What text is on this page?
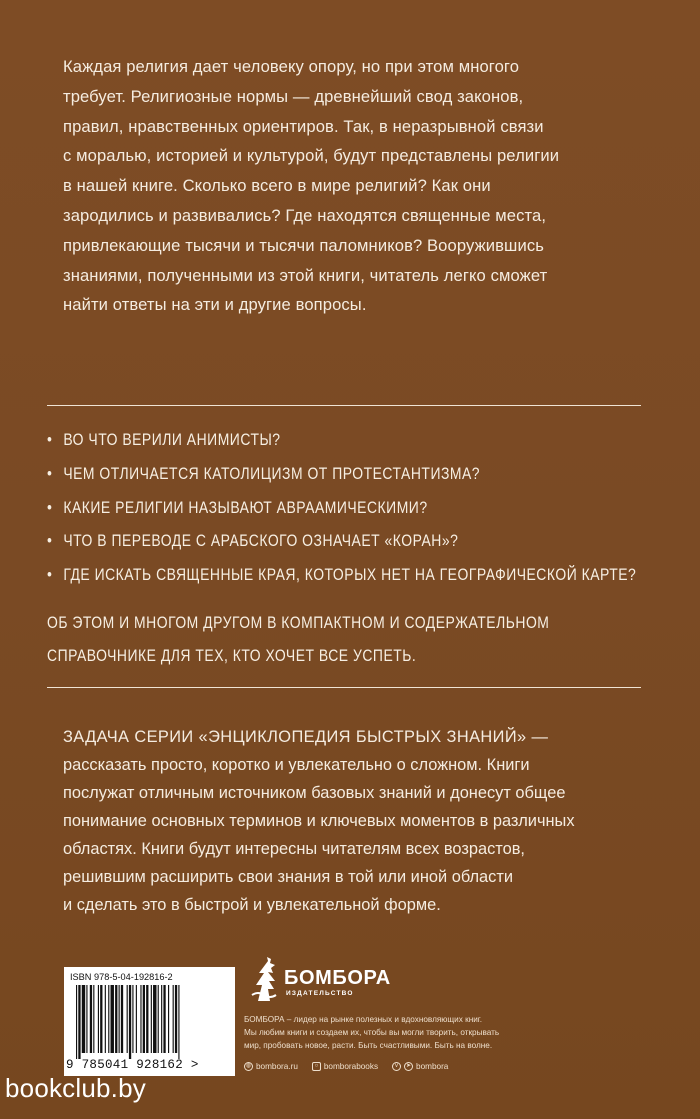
Каждая религия дает человеку опору, но при этом многого
требует. Религиозные нормы — древнейший свод законов,
правил, нравственных ориентиров. Так, в неразрывной связи
с моралью, историей и культурой, будут представлены религии
в нашей книге. Сколько всего в мире религий? Как они
зародились и развивались? Где находятся священные места,
привлекающие тысячи и тысячи паломников? Вооружившись
знаниями, полученными из этой книги, читатель легко сможет
найти ответы на эти и другие вопросы.

• ВО ЧТО ВЕРИЛИ АНИМИСТЫ?
• ЧЕМ ОТЛИЧАЕТСЯ КАТОЛИЦИЗМ ОТ ПРОТЕСТАНТИЗМА?
• КАКИЕ РЕЛИГИИ НАЗЫВАЮТ АВРААМИЧЕСКИМИ?
• ЧТО В ПЕРЕВОДЕ С АРАБСКОГО ОЗНАЧАЕТ «КОРАН»?
• ГДЕ ИСКАТЬ СВЯЩЕННЫЕ КРАЯ, КОТОРЫХ НЕТ НА ГЕОГРАФИЧЕСКОЙ КАРТЕ?
ОБ ЭТОМ И МНОГОМ ДРУГОМ В КОМПАКТНОМ И СОДЕРЖАТЕЛЬНОМ
СПРАВОЧНИКЕ ДЛЯ ТЕХ, КТО ХОЧЕТ ВСЕ УСПЕТЬ.
ЗАДАЧА СЕРИИ «ЭНЦИКЛОПЕДИЯ БЫСТРЫХ ЗНАНИЙ» —
рассказать просто, коротко и увлекательно о сложном. Книги
послужат отличным источником базовых знаний и донесут общее
понимание основных терминов и ключевых моментов в различных
областях. Книги будут интересны читателям всех возрастов,
решившим расширить свои знания в той или иной области
и сделать это в быстрой и увлекательной форме.
ISBN 978-5-04-192816-2
9 785041 928162 >
БОМБОРА
ИЗДАТЕЛЬСТВО
БОМБОРА – лидер на рынке полезных и вдохновляющих книг.
Мы любим книги и создаем их, чтобы вы могли творить, открывать
мир, пробовать новое, расти. Быть счастливыми. Быть на волне.
◍ bombora.ru	○ bomborabooks	v	➤ bombora
bookclub.by
